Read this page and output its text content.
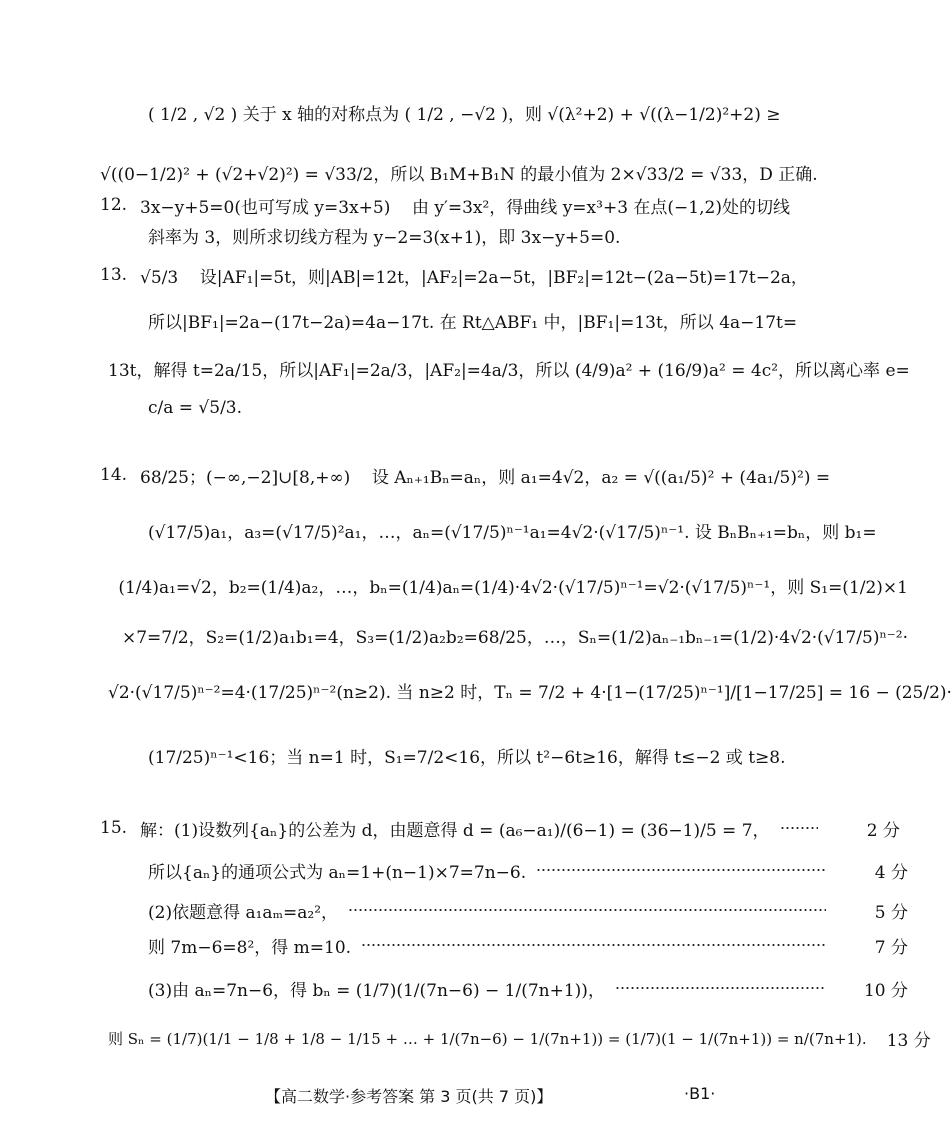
( 1/2 , √2 ) 关于 x 轴的对称点为 ( 1/2 , −√2 )，则 √(λ²+2) + √((λ−1/2)²+2) ≥
√((0−1/2)² + (√2+√2)²) = √33/2，所以 B₁M+B₁N 的最小值为 2×√33/2 = √33，D 正确.
12. 3x−y+5=0(也可写成 y=3x+5)    由 y′=3x²，得曲线 y=x³+3 在点(−1,2)处的切线
斜率为 3，则所求切线方程为 y−2=3(x+1)，即 3x−y+5=0.
13. √5/3    设|AF₁|=5t，则|AB|=12t，|AF₂|=2a−5t，|BF₂|=12t−(2a−5t)=17t−2a，
所以|BF₁|=2a−(17t−2a)=4a−17t. 在 Rt△ABF₁ 中，|BF₁|=13t，所以 4a−17t=
13t，解得 t=2a/15，所以|AF₁|=2a/3，|AF₂|=4a/3，所以 (4/9)a² + (16/9)a² = 4c²，所以离心率 e=
c/a = √5/3.
14. 68/25；(−∞,−2]∪[8,+∞)    设 Aₙ₊₁Bₙ=aₙ，则 a₁=4√2，a₂ = √((a₁/5)² + (4a₁/5)²) =
(√17/5)a₁，a₃=(√17/5)²a₁，…，aₙ=(√17/5)ⁿ⁻¹a₁=4√2·(√17/5)ⁿ⁻¹. 设 BₙBₙ₊₁=bₙ，则 b₁=
(1/4)a₁=√2，b₂=(1/4)a₂，…，bₙ=(1/4)aₙ=(1/4)·4√2·(√17/5)ⁿ⁻¹=√2·(√17/5)ⁿ⁻¹，则 S₁=(1/2)×1
×7=7/2，S₂=(1/2)a₁b₁=4，S₃=(1/2)a₂b₂=68/25，…，Sₙ=(1/2)aₙ₋₁bₙ₋₁=(1/2)·4√2·(√17/5)ⁿ⁻²·
√2·(√17/5)ⁿ⁻²=4·(17/25)ⁿ⁻²(n≥2). 当 n≥2 时，Tₙ = 7/2 + 4·[1−(17/25)ⁿ⁻¹]/[1−17/25] = 16 − (25/2)·
(17/25)ⁿ⁻¹<16；当 n=1 时，S₁=7/2<16，所以 t²−6t≥16，解得 t≤−2 或 t≥8.
15. 解：(1)设数列{aₙ}的公差为 d，由题意得 d = (a₆−a₁)/(6−1) = (36−1)/5 = 7，	2 分
所以{aₙ}的通项公式为 aₙ=1+(n−1)×7=7n−6.	4 分
(2)依题意得 a₁aₘ=a₂²，	5 分
则 7m−6=8²，得 m=10.	7 分
(3)由 aₙ=7n−6，得 bₙ = (1/7)(1/(7n−6) − 1/(7n+1))，	10 分
则 Sₙ = (1/7)(1/1 − 1/8 + 1/8 − 1/15 + … + 1/(7n−6) − 1/(7n+1)) = (1/7)(1 − 1/(7n+1)) = n/(7n+1). 13 分
【高二数学·参考答案 第 3 页(共 7 页)】	·B1·
